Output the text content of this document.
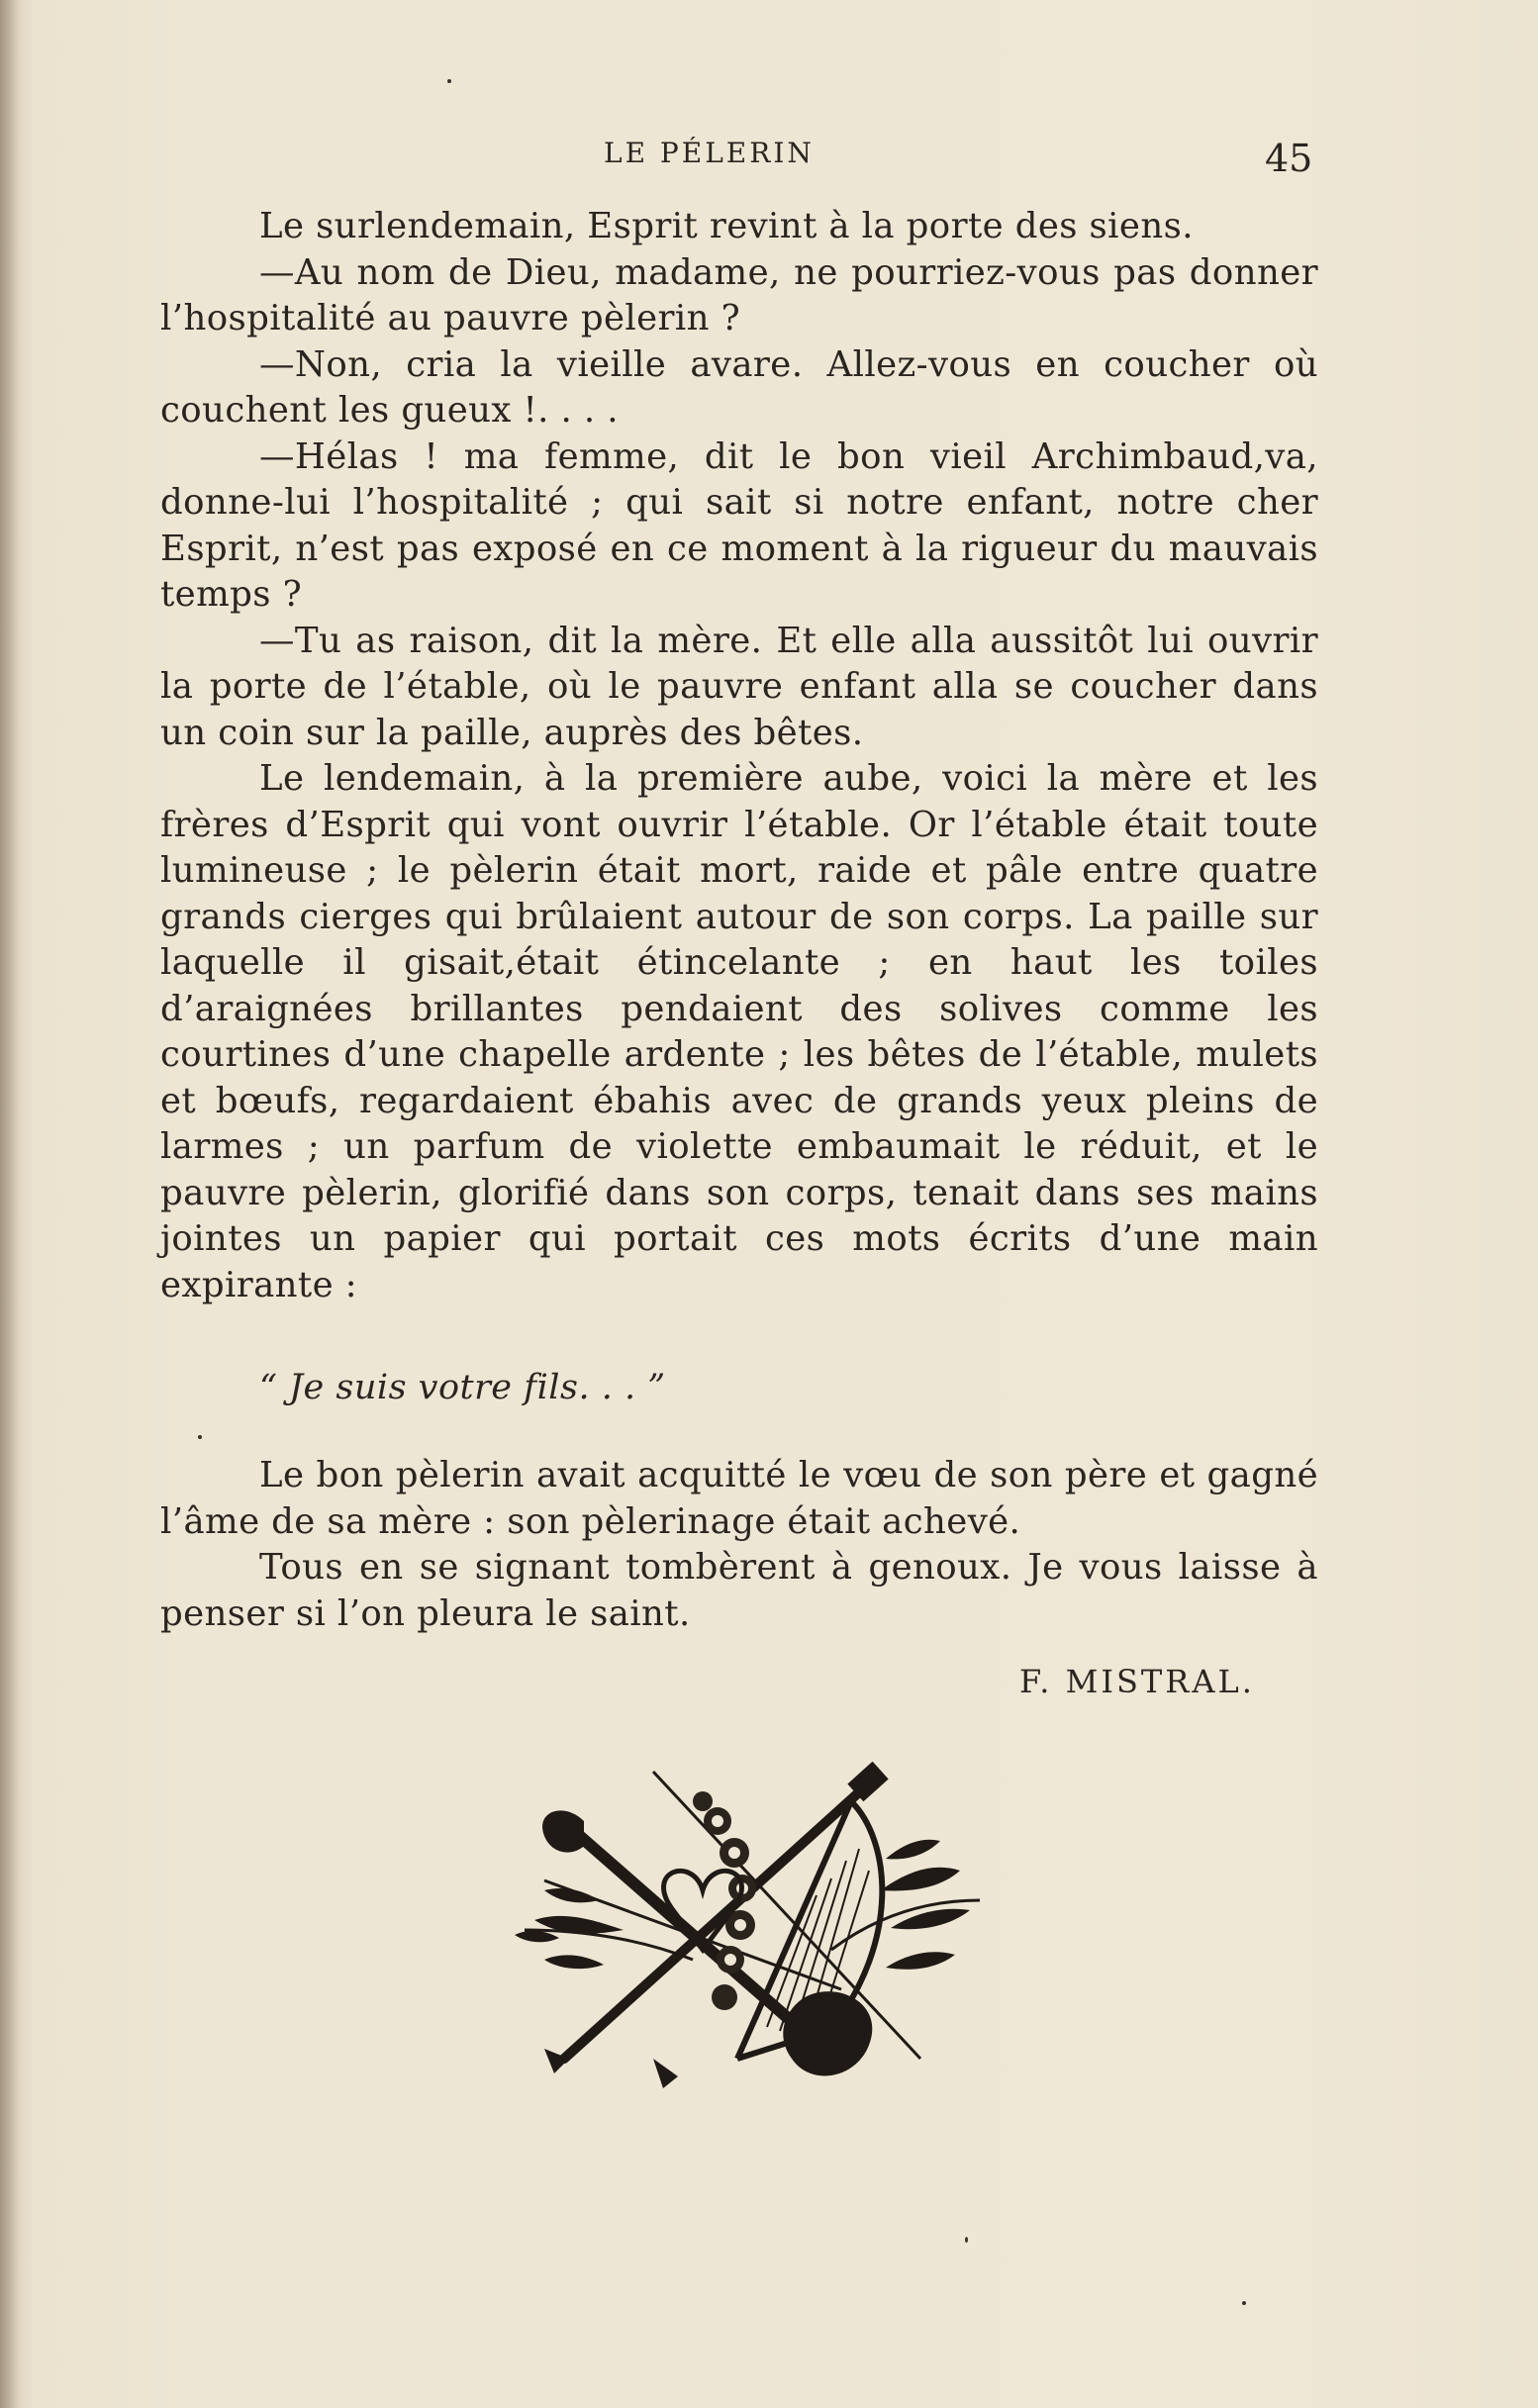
LE PÉLERIN	45

Le surlendemain, Esprit revint à la porte des siens.

—Au nom de Dieu, madame, ne pourriez-vous pas donner l’hospitalité au pauvre pèlerin ?

—Non, cria la vieille avare. Allez-vous en coucher où couchent les gueux !. . . .

—Hélas ! ma femme, dit le bon vieil Archimbaud,va, donne-lui l’hospitalité ; qui sait si notre enfant, notre cher Esprit, n’est pas exposé en ce moment à la rigueur du mauvais temps ?

—Tu as raison, dit la mère. Et elle alla aussitôt lui ouvrir la porte de l’étable, où le pauvre enfant alla se coucher dans un coin sur la paille, auprès des bêtes.

Le lendemain, à la première aube, voici la mère et les frères d’Esprit qui vont ouvrir l’étable. Or l’étable était toute lumineuse ; le pèlerin était mort, raide et pâle entre quatre grands cierges qui brûlaient autour de son corps. La paille sur laquelle il gisait,était étincelante ; en haut les toiles d’araignées brillantes pendaient des solives comme les courtines d’une chapelle ardente ; les bêtes de l’étable, mulets et bœufs, regardaient ébahis avec de grands yeux pleins de larmes ; un parfum de violette embaumait le réduit, et le pauvre pèlerin, glorifié dans son corps, tenait dans ses mains jointes un papier qui portait ces mots écrits d’une main expirante :

“ Je suis votre fils. . . ”

Le bon pèlerin avait acquitté le vœu de son père et gagné l’âme de sa mère : son pèlerinage était achevé.

Tous en se signant tombèrent à genoux. Je vous laisse à penser si l’on pleura le saint.

F. MISTRAL.
